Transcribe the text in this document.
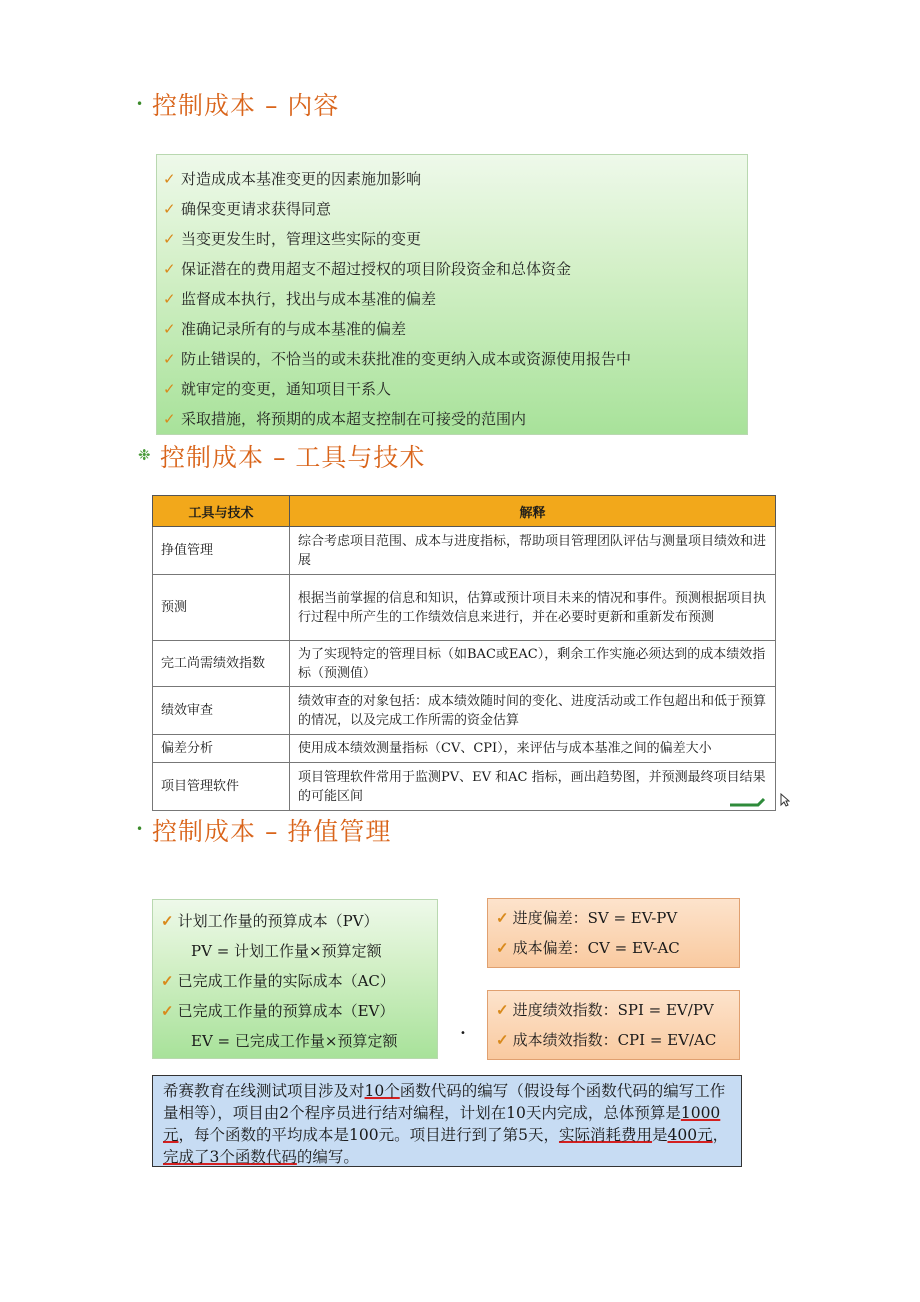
• 控制成本 – 内容
✓ 对造成成本基准变更的因素施加影响
✓ 确保变更请求获得同意
✓ 当变更发生时，管理这些实际的变更
✓ 保证潜在的费用超支不超过授权的项目阶段资金和总体资金
✓ 监督成本执行，找出与成本基准的偏差
✓ 准确记录所有的与成本基准的偏差
✓ 防止错误的，不恰当的或未获批准的变更纳入成本或资源使用报告中
✓ 就审定的变更，通知项目干系人
✓ 采取措施，将预期的成本超支控制在可接受的范围内
❉ 控制成本 – 工具与技术
工具与技术	解释
挣值管理	综合考虑项目范围、成本与进度指标，帮助项目管理团队评估与测量项目绩效和进展
预测	根据当前掌握的信息和知识，估算或预计项目未来的情况和事件。预测根据项目执行过程中所产生的工作绩效信息来进行，并在必要时更新和重新发布预测
完工尚需绩效指数	为了实现特定的管理目标（如BAC或EAC），剩余工作实施必须达到的成本绩效指标（预测值）
绩效审查	绩效审查的对象包括：成本绩效随时间的变化、进度活动或工作包超出和低于预算的情况，以及完成工作所需的资金估算
偏差分析	使用成本绩效测量指标（CV、CPI），来评估与成本基准之间的偏差大小
项目管理软件	项目管理软件常用于监测PV、EV 和AC 指标，画出趋势图，并预测最终项目结果的可能区间
• 控制成本 – 挣值管理
✓ 计划工作量的预算成本（PV）
PV = 计划工作量×预算定额
✓ 已完成工作量的实际成本（AC）
✓ 已完成工作量的预算成本（EV）
EV = 已完成工作量×预算定额
✓ 进度偏差：SV = EV-PV
✓ 成本偏差：CV = EV-AC
✓ 进度绩效指数：SPI = EV/PV
✓ 成本绩效指数：CPI = EV/AC
•
希赛教育在线测试项目涉及对10个函数代码的编写（假设每个函数代码的编写工作量相等），项目由2个程序员进行结对编程，计划在10天内完成，总体预算是1000元，每个函数的平均成本是100元。项目进行到了第5天，实际消耗费用是400元，完成了3个函数代码的编写。
